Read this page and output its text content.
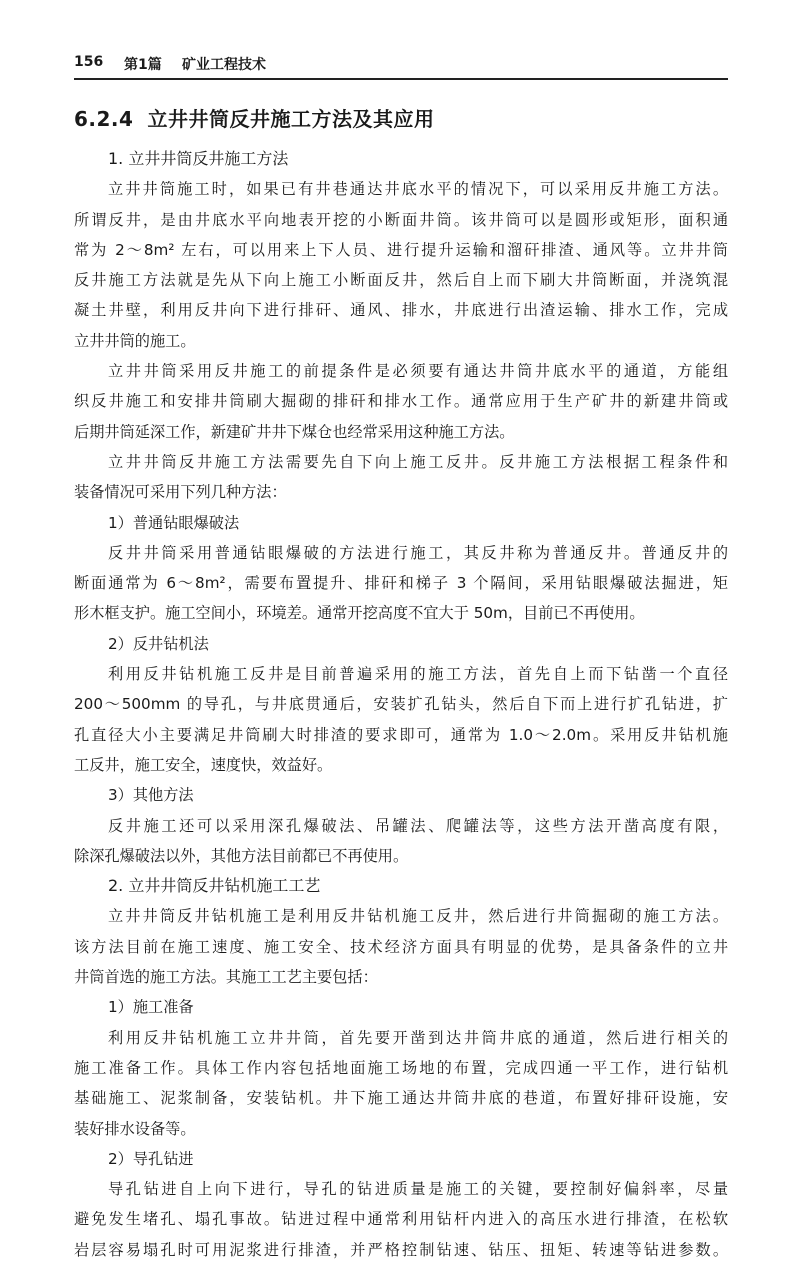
156 第1篇 矿业工程技术
6.2.4 立井井筒反井施工方法及其应用
1. 立井井筒反井施工方法
立井井筒施工时，如果已有井巷通达井底水平的情况下，可以采用反井施工方法。
所谓反井，是由井底水平向地表开挖的小断面井筒。该井筒可以是圆形或矩形，面积通
常为 2～8m² 左右，可以用来上下人员、进行提升运输和溜矸排渣、通风等。立井井筒
反井施工方法就是先从下向上施工小断面反井，然后自上而下刷大井筒断面，并浇筑混
凝土井壁，利用反井向下进行排矸、通风、排水，井底进行出渣运输、排水工作，完成
立井井筒的施工。
立井井筒采用反井施工的前提条件是必须要有通达井筒井底水平的通道，方能组
织反井施工和安排井筒刷大掘砌的排矸和排水工作。通常应用于生产矿井的新建井筒或
后期井筒延深工作，新建矿井井下煤仓也经常采用这种施工方法。
立井井筒反井施工方法需要先自下向上施工反井。反井施工方法根据工程条件和
装备情况可采用下列几种方法：
1）普通钻眼爆破法
反井井筒采用普通钻眼爆破的方法进行施工，其反井称为普通反井。普通反井的
断面通常为 6～8m²，需要布置提升、排矸和梯子 3 个隔间，采用钻眼爆破法掘进，矩
形木框支护。施工空间小，环境差。通常开挖高度不宜大于 50m，目前已不再使用。
2）反井钻机法
利用反井钻机施工反井是目前普遍采用的施工方法，首先自上而下钻凿一个直径
200～500mm 的导孔，与井底贯通后，安装扩孔钻头，然后自下而上进行扩孔钻进，扩
孔直径大小主要满足井筒刷大时排渣的要求即可，通常为 1.0～2.0m。采用反井钻机施
工反井，施工安全，速度快，效益好。
3）其他方法
反井施工还可以采用深孔爆破法、吊罐法、爬罐法等，这些方法开凿高度有限，
除深孔爆破法以外，其他方法目前都已不再使用。
2. 立井井筒反井钻机施工工艺
立井井筒反井钻机施工是利用反井钻机施工反井，然后进行井筒掘砌的施工方法。
该方法目前在施工速度、施工安全、技术经济方面具有明显的优势，是具备条件的立井
井筒首选的施工方法。其施工工艺主要包括：
1）施工准备
利用反井钻机施工立井井筒，首先要开凿到达井筒井底的通道，然后进行相关的
施工准备工作。具体工作内容包括地面施工场地的布置，完成四通一平工作，进行钻机
基础施工、泥浆制备，安装钻机。井下施工通达井筒井底的巷道，布置好排矸设施，安
装好排水设备等。
2）导孔钻进
导孔钻进自上向下进行，导孔的钻进质量是施工的关键，要控制好偏斜率，尽量
避免发生堵孔、塌孔事故。钻进过程中通常利用钻杆内进入的高压水进行排渣，在松软
岩层容易塌孔时可用泥浆进行排渣，并严格控制钻速、钻压、扭矩、转速等钻进参数。
